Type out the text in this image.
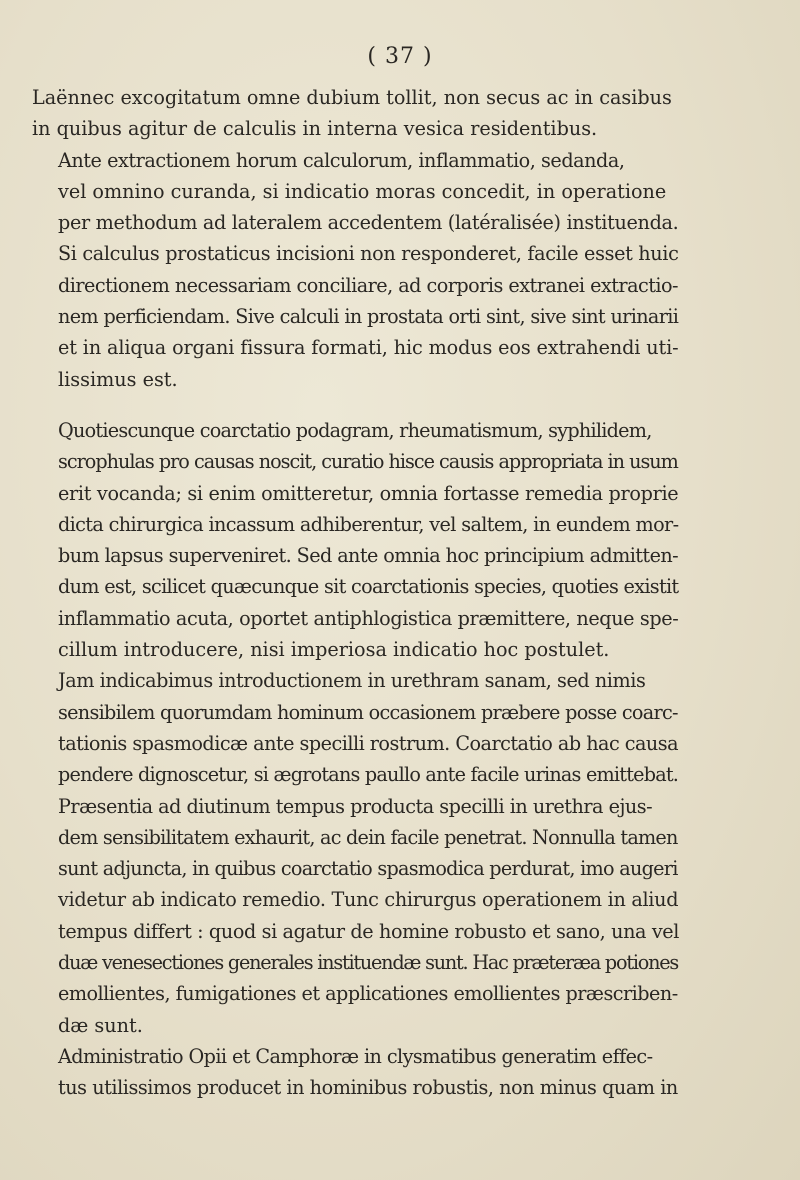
( 37 )
Laënnec excogitatum omne dubium tollit, non secus ac in casibus
in quibus agitur de calculis in interna vesica residentibus.
Ante extractionem horum calculorum, inflammatio, sedanda,
vel omnino curanda, si indicatio moras concedit, in operatione
per methodum ad lateralem accedentem (latéralisée) instituenda.
Si calculus prostaticus incisioni non responderet, facile esset huic
directionem necessariam conciliare, ad corporis extranei extractio-
nem perficiendam. Sive calculi in prostata orti sint, sive sint urinarii
et in aliqua organi fissura formati, hic modus eos extrahendi uti-
lissimus est.
Quotiescunque coarctatio podagram, rheumatismum, syphilidem,
scrophulas pro causas noscit, curatio hisce causis appropriata in usum
erit vocanda; si enim omitteretur, omnia fortasse remedia proprie
dicta chirurgica incassum adhiberentur, vel saltem, in eundem mor-
bum lapsus superveniret. Sed ante omnia hoc principium admitten-
dum est, scilicet quæcunque sit coarctationis species, quoties existit
inflammatio acuta, oportet antiphlogistica præmittere, neque spe-
cillum introducere, nisi imperiosa indicatio hoc postulet.
Jam indicabimus introductionem in urethram sanam, sed nimis
sensibilem quorumdam hominum occasionem præbere posse coarc-
tationis spasmodicæ ante specilli rostrum. Coarctatio ab hac causa
pendere dignoscetur, si ægrotans paullo ante facile urinas emittebat.
Præsentia ad diutinum tempus producta specilli in urethra ejus-
dem sensibilitatem exhaurit, ac dein facile penetrat. Nonnulla tamen
sunt adjuncta, in quibus coarctatio spasmodica perdurat, imo augeri
videtur ab indicato remedio. Tunc chirurgus operationem in aliud
tempus differt : quod si agatur de homine robusto et sano, una vel
duæ venesectiones generales instituendæ sunt. Hac præteræa potiones
emollientes, fumigationes et applicationes emollientes præscriben-
dæ sunt.
Administratio Opii et Camphoræ in clysmatibus generatim effec-
tus utilissimos producet in hominibus robustis, non minus quam in
